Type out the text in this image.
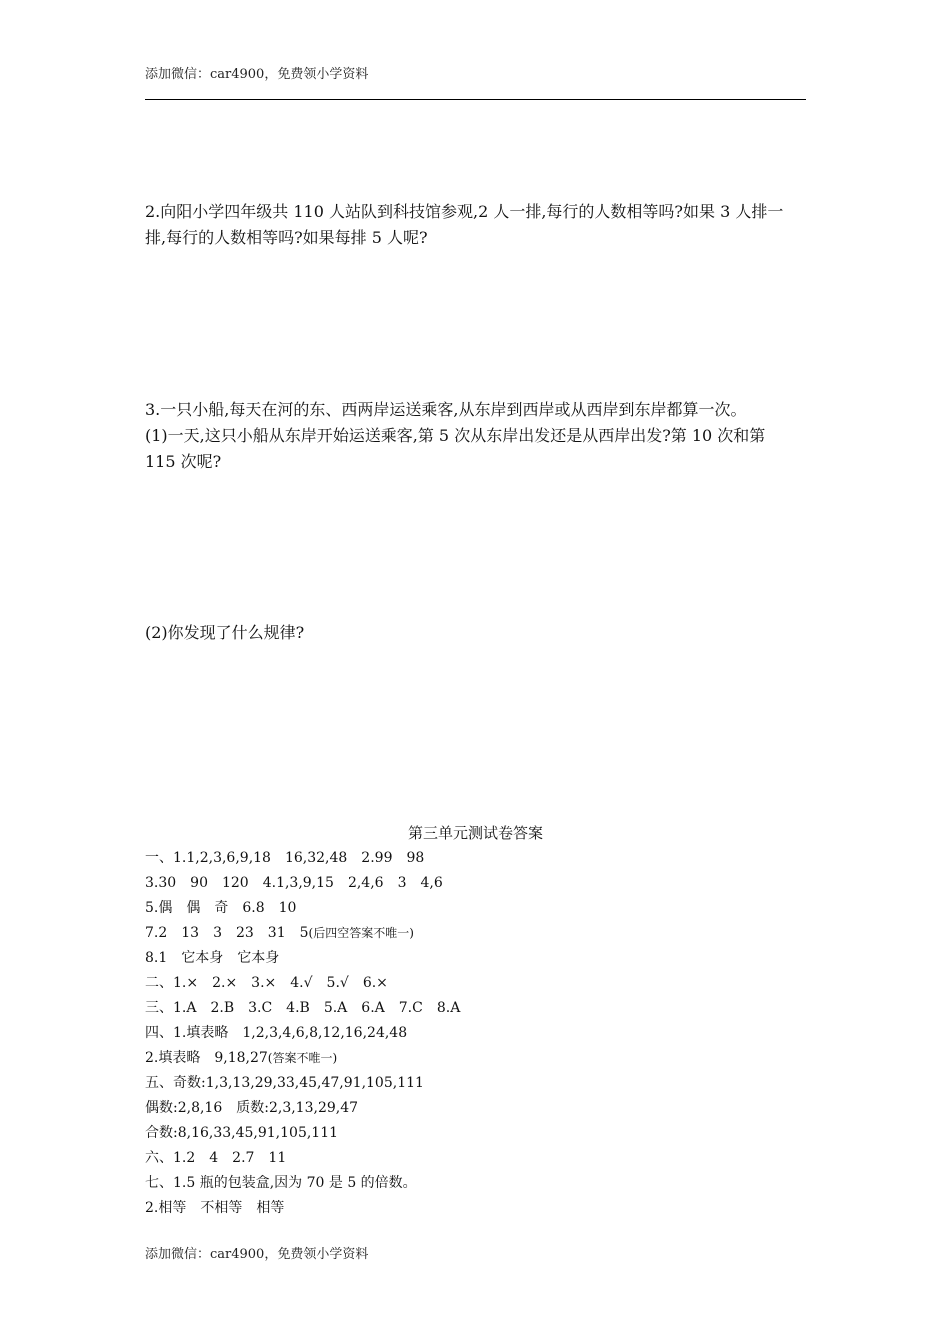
添加微信：car4900，免费领小学资料
2.向阳小学四年级共 110 人站队到科技馆参观,2 人一排,每行的人数相等吗?如果 3 人排一
排,每行的人数相等吗?如果每排 5 人呢?
3.一只小船,每天在河的东、西两岸运送乘客,从东岸到西岸或从西岸到东岸都算一次。
(1)一天,这只小船从东岸开始运送乘客,第 5 次从东岸出发还是从西岸出发?第 10 次和第
115 次呢?
(2)你发现了什么规律?
第三单元测试卷答案
一、1.1,2,3,6,9,18　16,32,48　2.99　98
3.30　90　120　4.1,3,9,15　2,4,6　3　4,6
5.偶　偶　奇　6.8　10
7.2　13　3　23　31　5(后四空答案不唯一)
8.1　它本身　它本身
二、1.×　2.×　3.×　4.√　5.√　6.×
三、1.A　2.B　3.C　4.B　5.A　6.A　7.C　8.A
四、1.填表略　1,2,3,4,6,8,12,16,24,48
2.填表略　9,18,27(答案不唯一)
五、奇数:1,3,13,29,33,45,47,91,105,111
偶数:2,8,16　质数:2,3,13,29,47
合数:8,16,33,45,91,105,111
六、1.2　4　2.7　11
七、1.5 瓶的包装盒,因为 70 是 5 的倍数。
2.相等　不相等　相等
添加微信：car4900，免费领小学资料
